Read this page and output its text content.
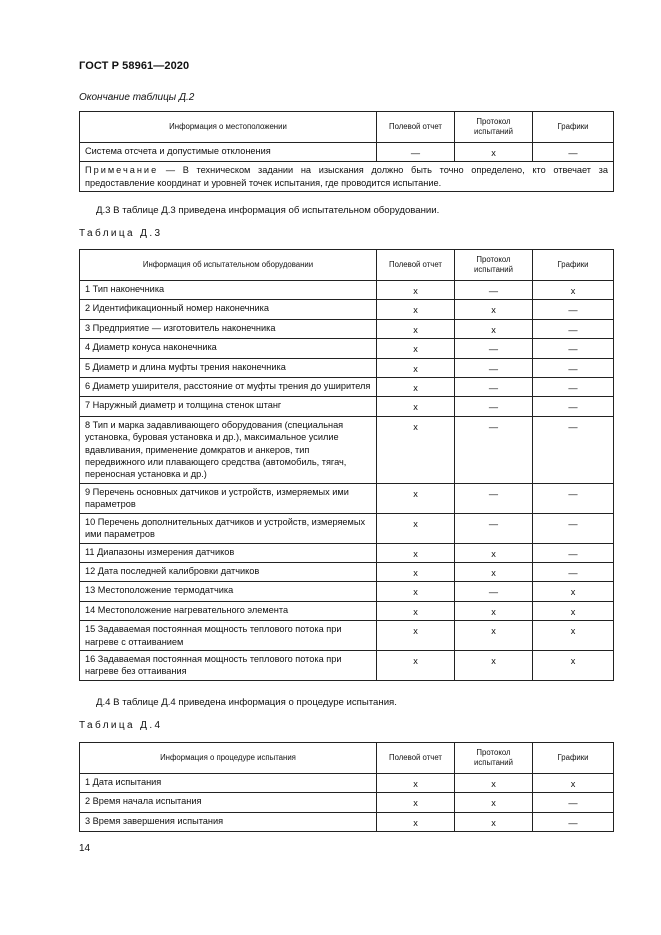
ГОСТ Р 58961—2020
Окончание таблицы Д.2
Информация о местоположении	Полевой отчет	Протокол испытаний	Графики
Система отсчета и допустимые отклонения	—	x	—
Примечание — В техническом задании на изыскания должно быть точно определено, кто отвечает за предоставление координат и уровней точек испытания, где проводится испытание.			
Д.3 В таблице Д.3 приведена информация об испытательном оборудовании.
Таблица Д.3
Информация об испытательном оборудовании	Полевой отчет	Протокол испытаний	Графики
1 Тип наконечника	x	—	x
2 Идентификационный номер наконечника	x	x	—
3 Предприятие — изготовитель наконечника	x	x	—
4 Диаметр конуса наконечника	x	—	—
5 Диаметр и длина муфты трения наконечника	x	—	—
6 Диаметр уширителя, расстояние от муфты трения до уширителя	x	—	—
7 Наружный диаметр и толщина стенок штанг	x	—	—
8 Тип и марка задавливающего оборудования (специальная установка, буровая установка и др.), максимальное усилие вдавливания, применение домкратов и анкеров, тип передвижного или плавающего средства (автомобиль, тягач, переносная установка и др.)	x	—	—
9 Перечень основных датчиков и устройств, измеряемых ими параметров	x	—	—
10 Перечень дополнительных датчиков и устройств, измеряемых ими параметров	x	—	—
11 Диапазоны измерения датчиков	x	x	—
12 Дата последней калибровки датчиков	x	x	—
13 Местоположение термодатчика	x	—	x
14 Местоположение нагревательного элемента	x	x	x
15 Задаваемая постоянная мощность теплового потока при нагреве с оттаиванием	x	x	x
16 Задаваемая постоянная мощность теплового потока при нагреве без оттаивания	x	x	x
Д.4 В таблице Д.4 приведена информация о процедуре испытания.
Таблица Д.4
Информация о процедуре испытания	Полевой отчет	Протокол испытаний	Графики
1 Дата испытания	x	x	x
2 Время начала испытания	x	x	—
3 Время завершения испытания	x	x	—
14
